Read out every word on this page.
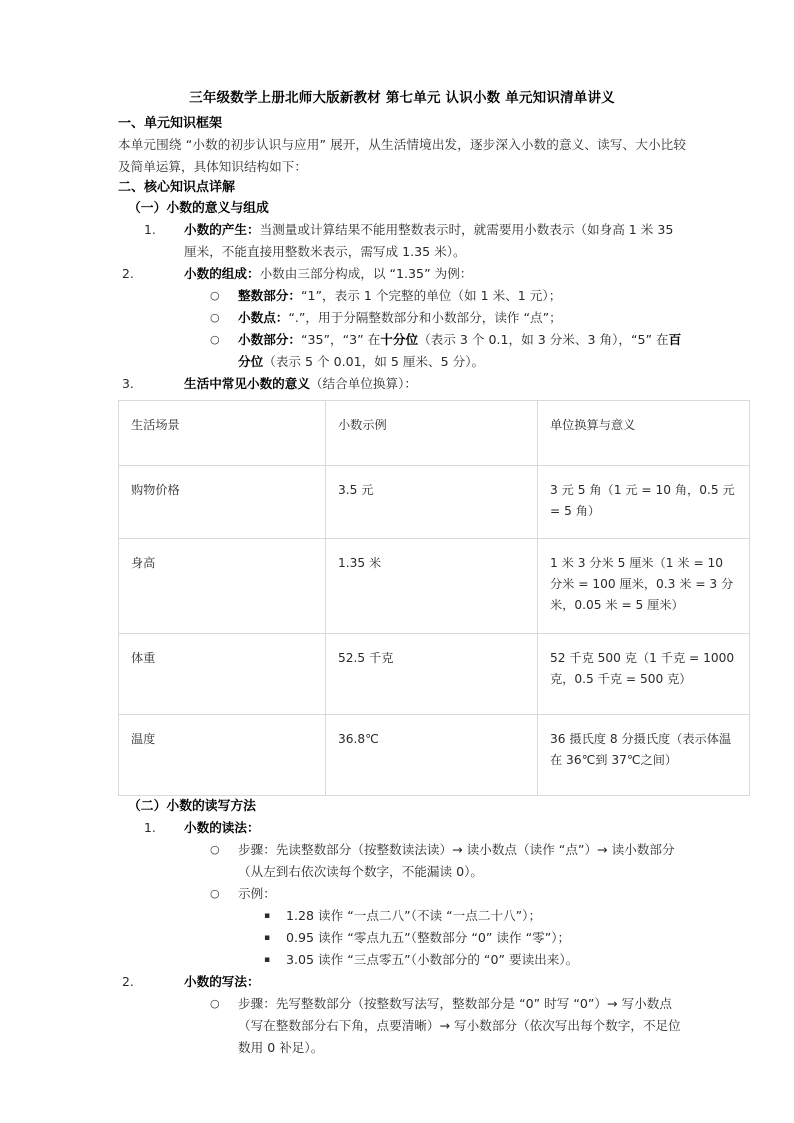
三年级数学上册北师大版新教材 第七单元 认识小数 单元知识清单讲义
一、单元知识框架

本单元围绕 “小数的初步认识与应用” 展开，从生活情境出发，逐步深入小数的意义、读写、大小比较及简单运算，具体知识结构如下：

二、核心知识点详解
（一）小数的意义与组成
1.	小数的产生：当测量或计算结果不能用整数表示时，就需要用小数表示（如身高 1 米 35 厘米，不能直接用整数米表示，需写成 1.35 米）。
2.	小数的组成：小数由三部分构成，以 “1.35” 为例：
○ 整数部分：“1”，表示 1 个完整的单位（如 1 米、1 元）；
○ 小数点：“.”，用于分隔整数部分和小数部分，读作 “点”；
○ 小数部分：“35”，“3” 在十分位（表示 3 个 0.1，如 3 分米、3 角），“5” 在百分位（表示 5 个 0.01，如 5 厘米、5 分）。
3.	生活中常见小数的意义（结合单位换算）：
生活场景	小数示例	单位换算与意义
购物价格	3.5 元	3 元 5 角（1 元 = 10 角，0.5 元 = 5 角）
身高	1.35 米	1 米 3 分米 5 厘米（1 米 = 10 分米 = 100 厘米，0.3 米 = 3 分米，0.05 米 = 5 厘米）
体重	52.5 千克	52 千克 500 克（1 千克 = 1000 克，0.5 千克 = 500 克）
温度	36.8℃	36 摄氏度 8 分摄氏度（表示体温在 36℃到 37℃之间）
（二）小数的读写方法
1.	小数的读法：
○ 步骤：先读整数部分（按整数读法读）→ 读小数点（读作 “点”）→ 读小数部分（从左到右依次读每个数字，不能漏读 0）。
○ 示例：
▪ 1.28 读作 “一点二八”（不读 “一点二十八”）；
▪ 0.95 读作 “零点九五”（整数部分 “0” 读作 “零”）；
▪ 3.05 读作 “三点零五”（小数部分的 “0” 要读出来）。
2.	小数的写法：
○ 步骤：先写整数部分（按整数写法写，整数部分是 “0” 时写 “0”）→ 写小数点（写在整数部分右下角，点要清晰）→ 写小数部分（依次写出每个数字，不足位数用 0 补足）。
